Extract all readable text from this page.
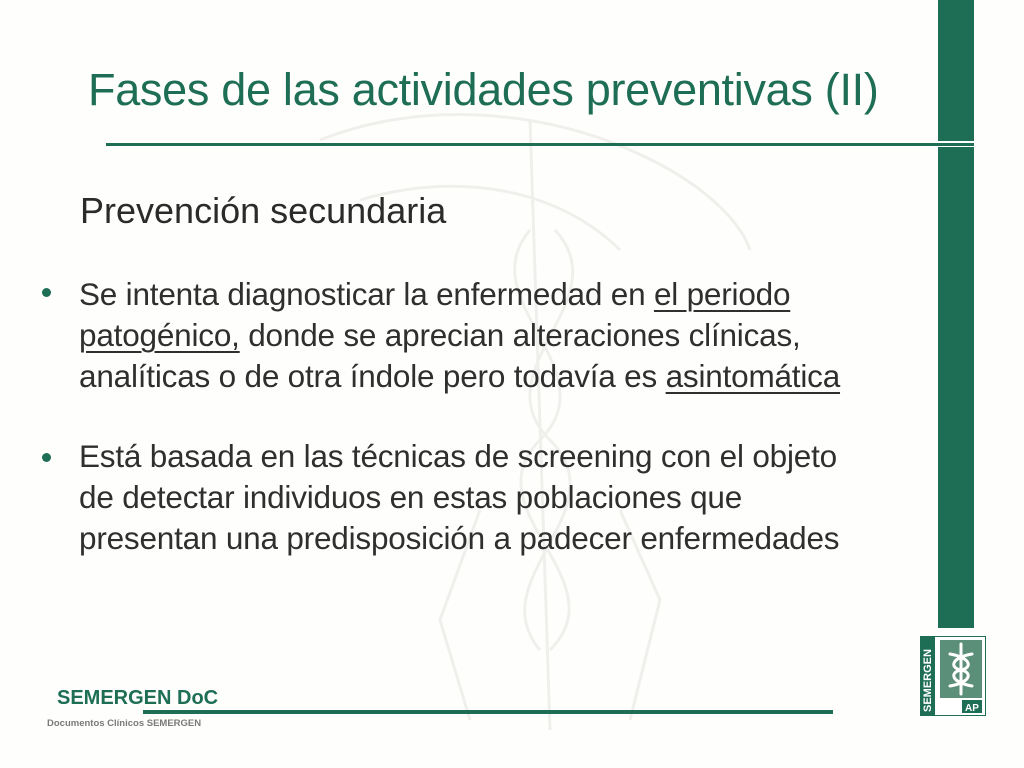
Fases de las actividades preventivas (II)
Prevención secundaria

Se intenta diagnosticar la enfermedad en el periodo
patogénico, donde se aprecian alteraciones clínicas,
analíticas o de otra índole pero todavía es asintomática

Está basada en las técnicas de screening con el objeto
de detectar individuos en estas poblaciones que
presentan una predisposición a padecer enfermedades

SEMERGEN DoC

Documentos Clínicos SEMERGEN

SEMERGEN	AP
